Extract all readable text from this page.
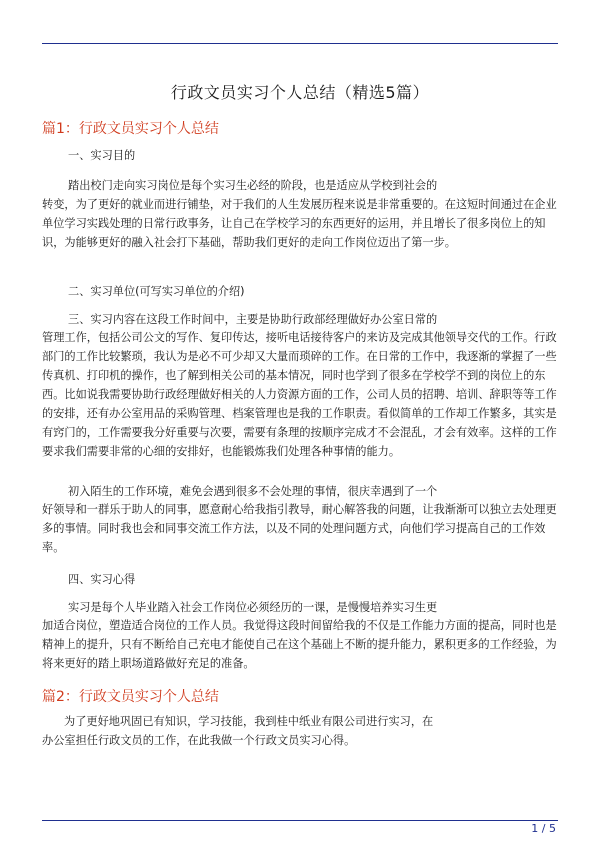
行政文员实习个人总结（精选5篇）
篇1：行政文员实习个人总结

一、实习目的

踏出校门走向实习岗位是每个实习生必经的阶段，也是适应从学校到社会的

转变，为了更好的就业而进行铺垫，对于我们的人生发展历程来说是非常重要的。在这短时间通过在企业单位学习实践处理的日常行政事务，让自己在学校学习的东西更好的运用，并且增长了很多岗位上的知识，为能够更好的融入社会打下基础，帮助我们更好的走向工作岗位迈出了第一步。

二、实习单位(可写实习单位的介绍)

三、实习内容在这段工作时间中，主要是协助行政部经理做好办公室日常的

管理工作，包括公司公文的写作、复印传达，接听电话接待客户的来访及完成其他领导交代的工作。行政部门的工作比较繁琐，我认为是必不可少却又大量而琐碎的工作。在日常的工作中，我逐渐的掌握了一些传真机、打印机的操作，也了解到相关公司的基本情况，同时也学到了很多在学校学不到的岗位上的东西。比如说我需要协助行政经理做好相关的人力资源方面的工作，公司人员的招聘、培训、辞职等等工作的安排，还有办公室用品的采购管理、档案管理也是我的工作职责。看似简单的工作却工作繁多，其实是有窍门的，工作需要我分好重要与次要，需要有条理的按顺序完成才不会混乱，才会有效率。这样的工作要求我们需要非常的心细的安排好，也能锻炼我们处理各种事情的能力。

初入陌生的工作环境，难免会遇到很多不会处理的事情，很庆幸遇到了一个

好领导和一群乐于助人的同事，愿意耐心给我指引教导，耐心解答我的问题，让我渐渐可以独立去处理更多的事情。同时我也会和同事交流工作方法，以及不同的处理问题方式，向他们学习提高自己的工作效率。

四、实习心得

实习是每个人毕业踏入社会工作岗位必须经历的一课，是慢慢培养实习生更

加适合岗位，塑造适合岗位的工作人员。我觉得这段时间留给我的不仅是工作能力方面的提高，同时也是精神上的提升，只有不断给自己充电才能使自己在这个基础上不断的提升能力，累积更多的工作经验，为将来更好的踏上职场道路做好充足的准备。

篇2：行政文员实习个人总结

为了更好地巩固已有知识，学习技能，我到桂中纸业有限公司进行实习，在

办公室担任行政文员的工作，在此我做一个行政文员实习心得。

1 / 5
